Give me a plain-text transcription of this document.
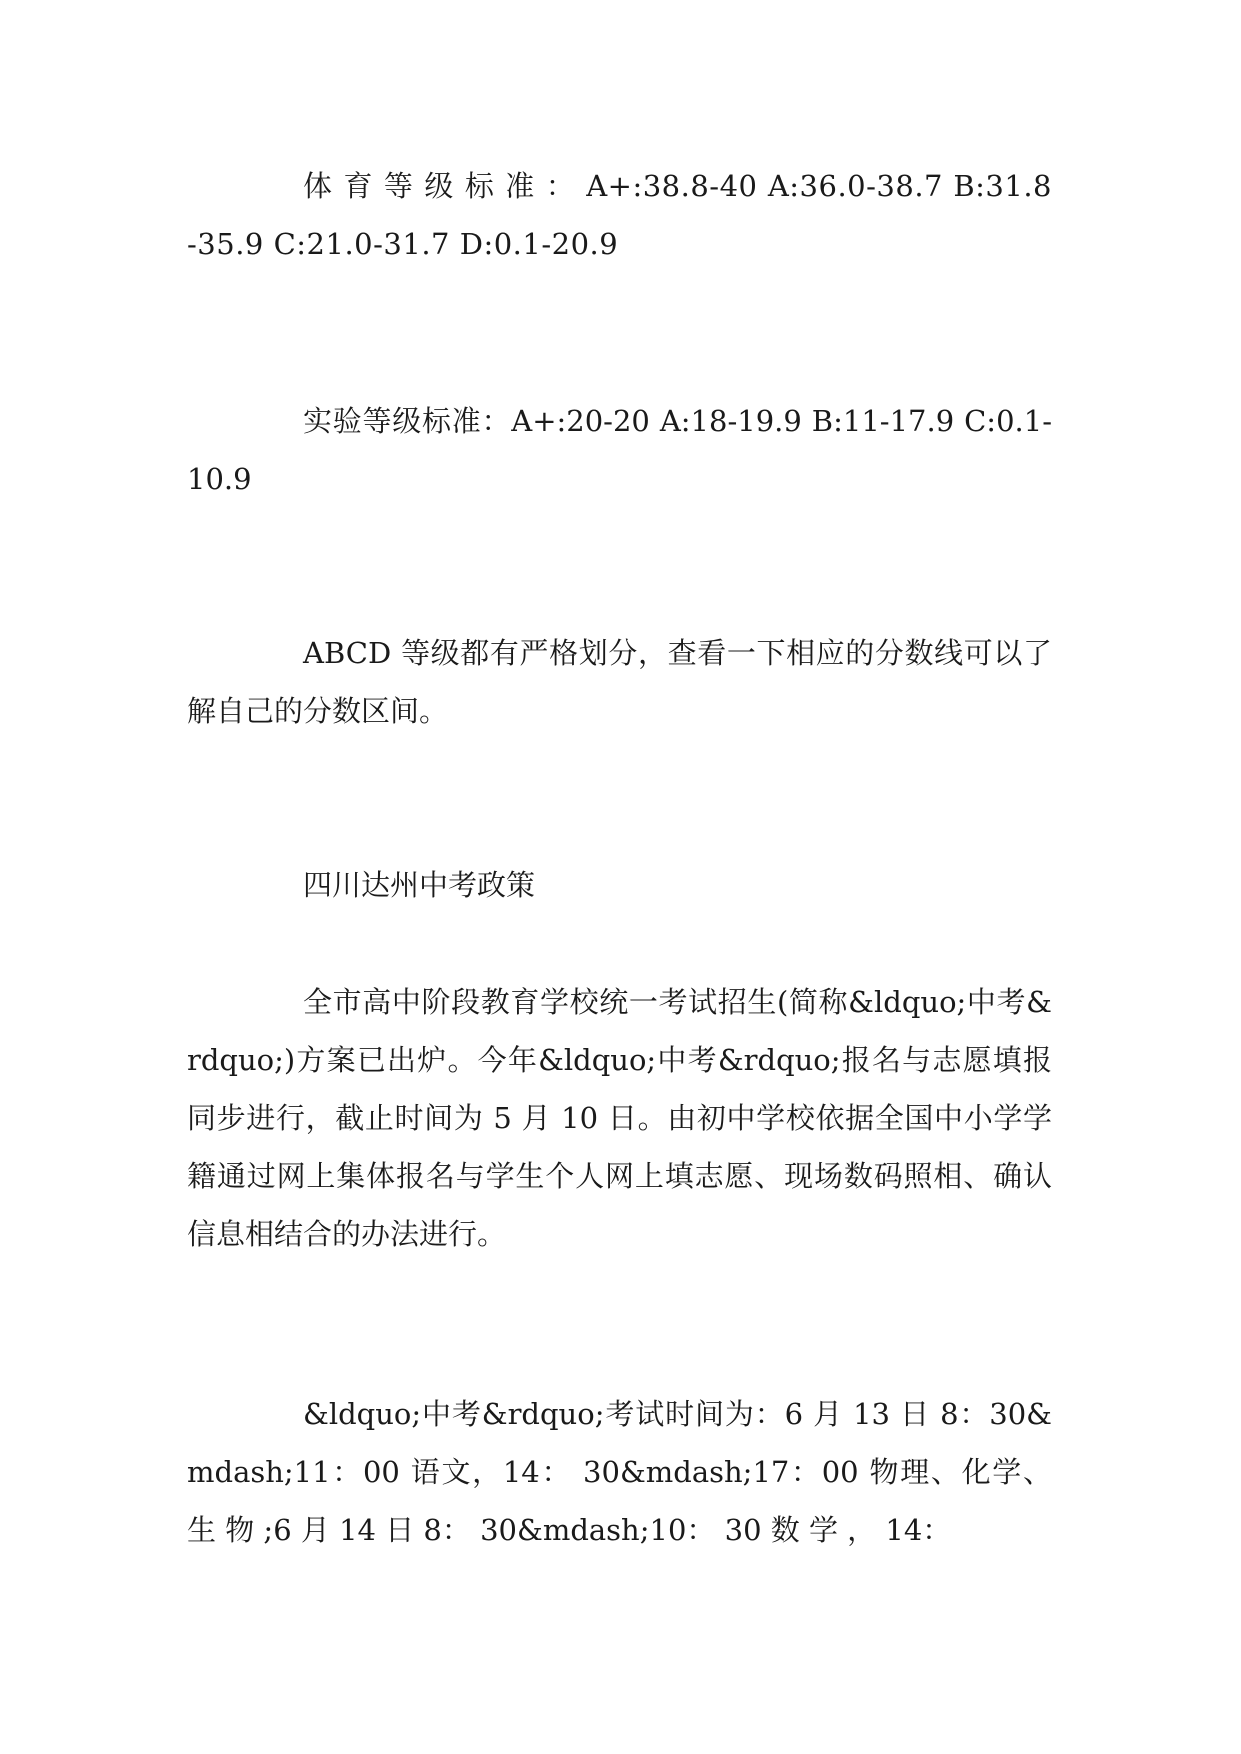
体 育 等 级 标 准 ： A+:38.8-40 A:36.0-38.7 B:31.8-35.9 C:21.0-31.7 D:0.1-20.9

实验等级标准：A+:20-20 A:18-19.9 B:11-17.9 C:0.1-10.9

ABCD 等级都有严格划分，查看一下相应的分数线可以了解自己的分数区间。

四川达州中考政策

全市高中阶段教育学校统一考试招生(简称&ldquo;中考&rdquo;)方案已出炉。今年&ldquo;中考&rdquo;报名与志愿填报同步进行，截止时间为 5 月 10 日。由初中学校依据全国中小学学籍通过网上集体报名与学生个人网上填志愿、现场数码照相、确认信息相结合的办法进行。

&ldquo;中考&rdquo;考试时间为：6 月 13 日 8：30&mdash;11：00 语文，14： 30&mdash;17：00 物理、化学、生 物 ;6 月 14 日 8： 30&mdash;10： 30 数 学 ， 14：
